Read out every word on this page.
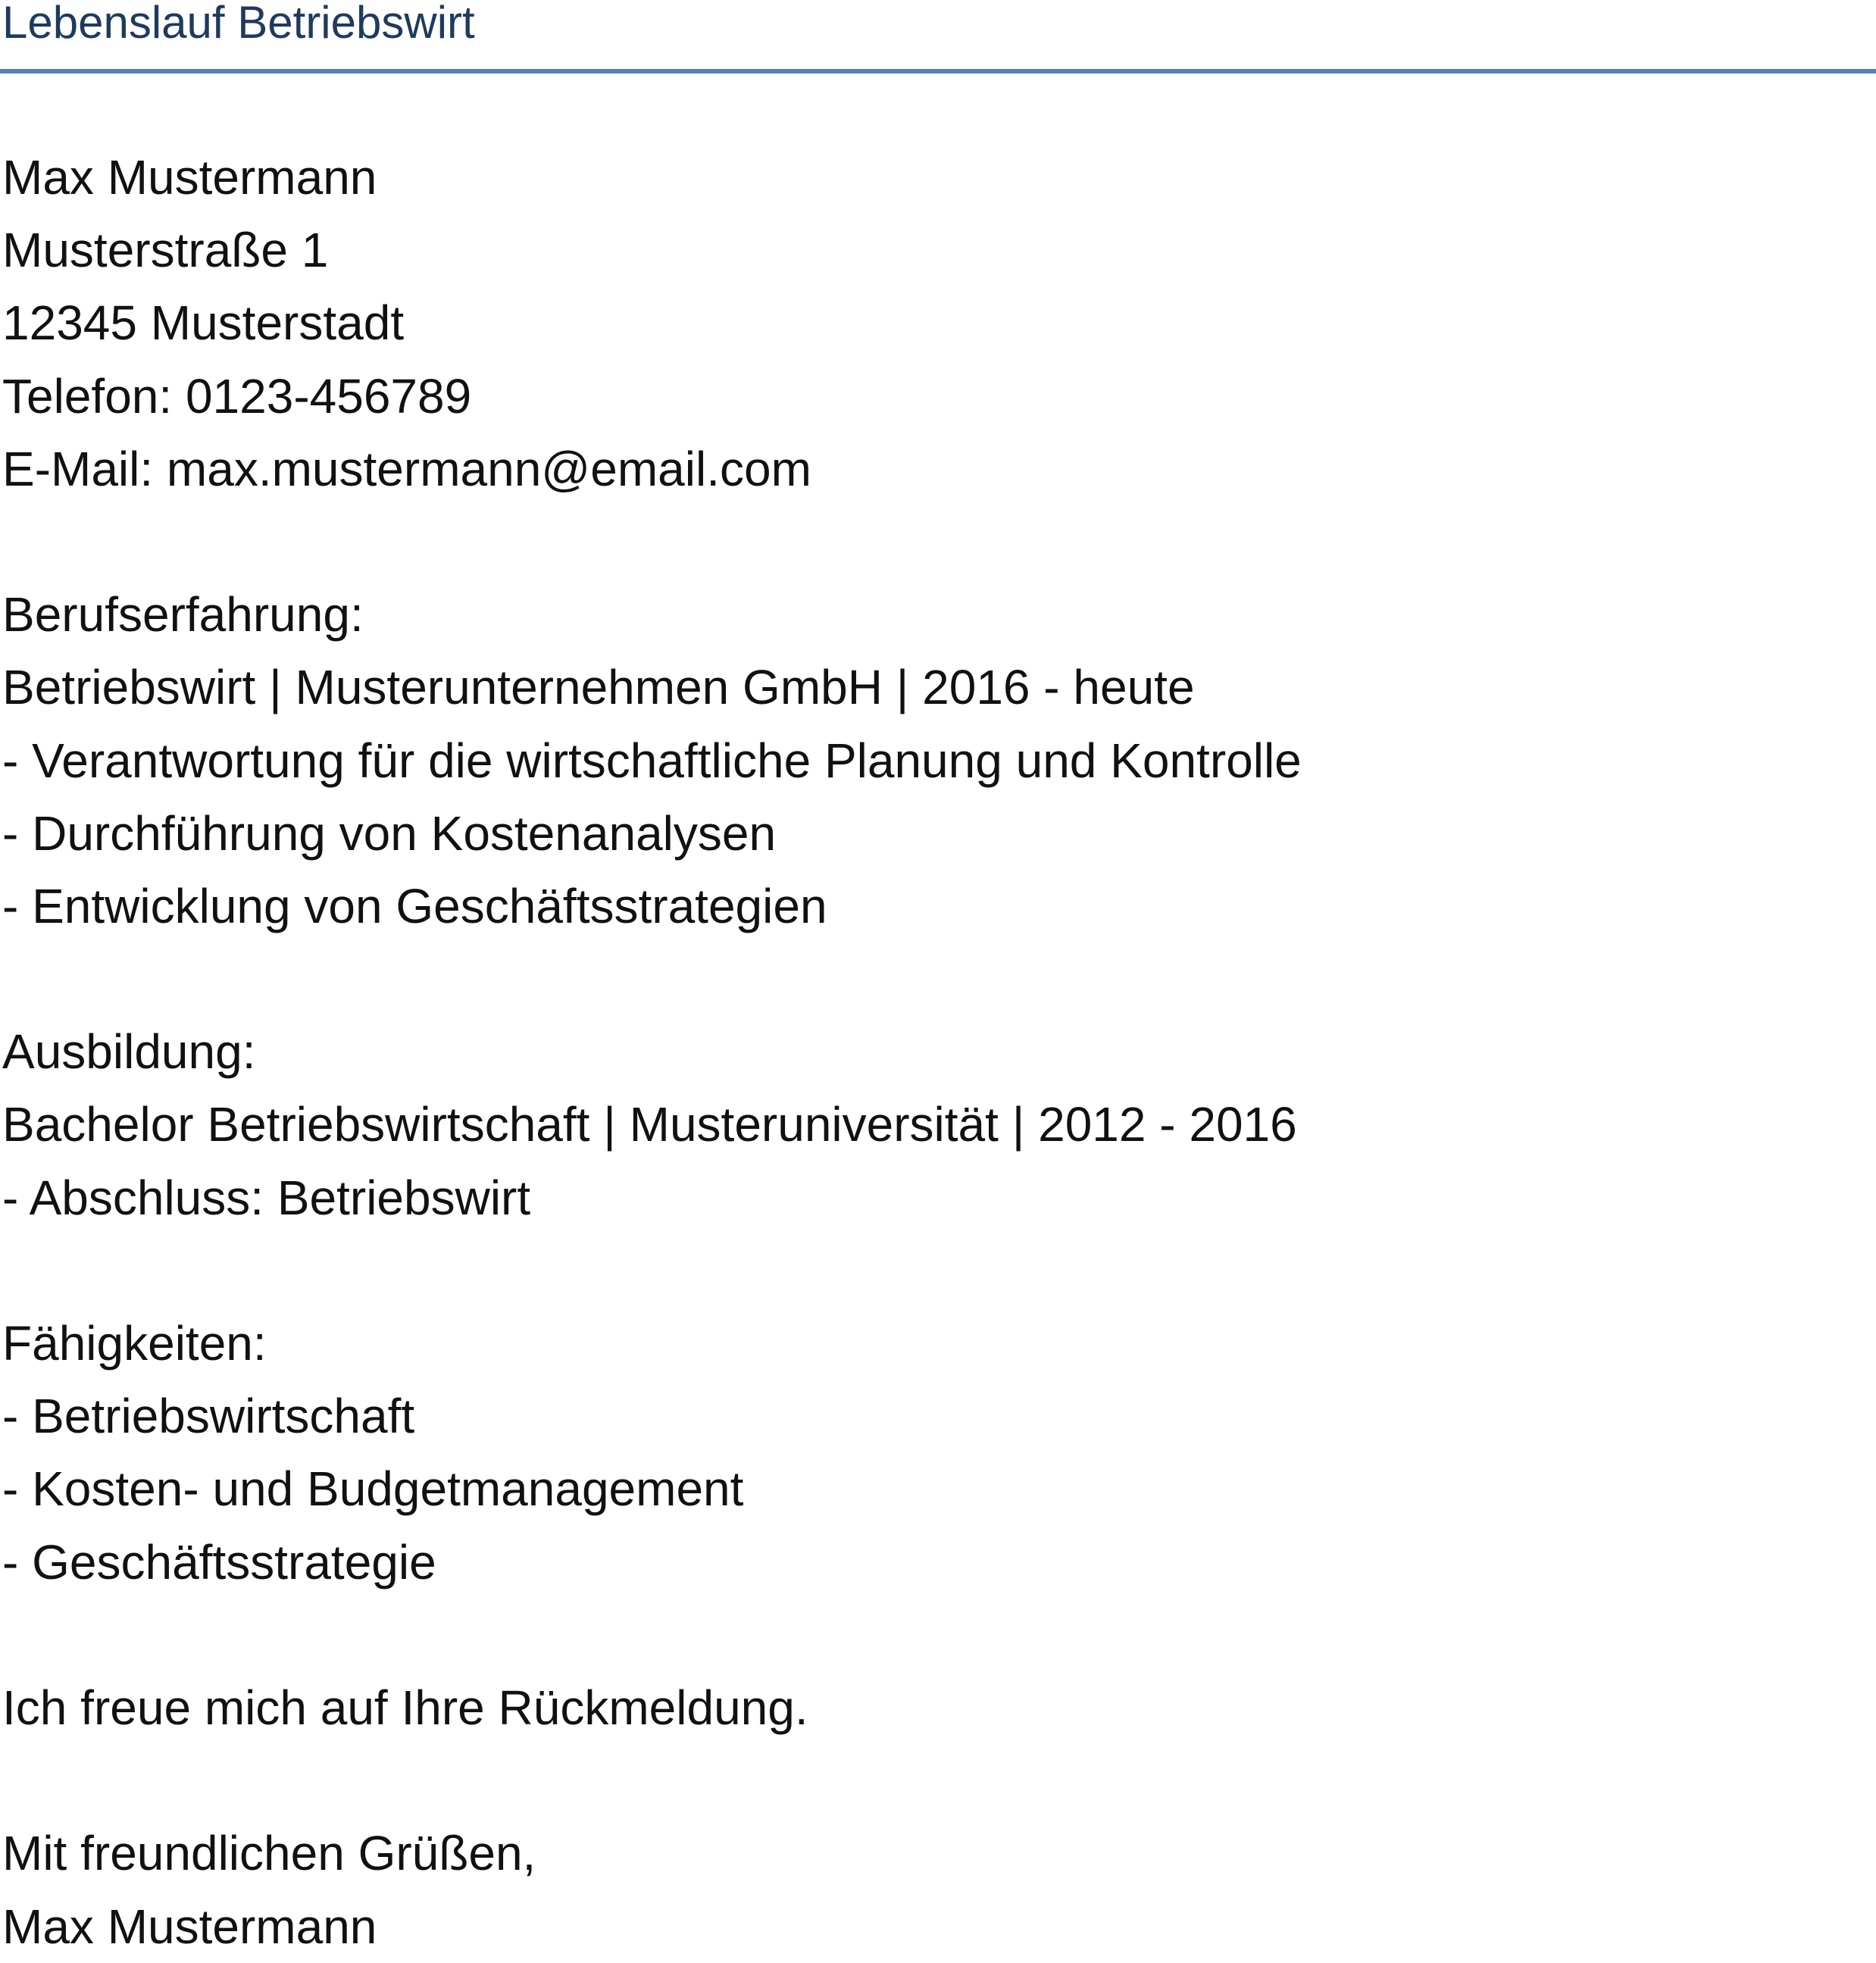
Lebenslauf Betriebswirt
Max Mustermann
Musterstraße 1
12345 Musterstadt
Telefon: 0123-456789
E-Mail: max.mustermann@email.com
Berufserfahrung:
Betriebswirt | Musterunternehmen GmbH | 2016 - heute
- Verantwortung für die wirtschaftliche Planung und Kontrolle
- Durchführung von Kostenanalysen
- Entwicklung von Geschäftsstrategien
Ausbildung:
Bachelor Betriebswirtschaft | Musteruniversität | 2012 - 2016
- Abschluss: Betriebswirt
Fähigkeiten:
- Betriebswirtschaft
- Kosten- und Budgetmanagement
- Geschäftsstrategie
Ich freue mich auf Ihre Rückmeldung.
Mit freundlichen Grüßen,
Max Mustermann
